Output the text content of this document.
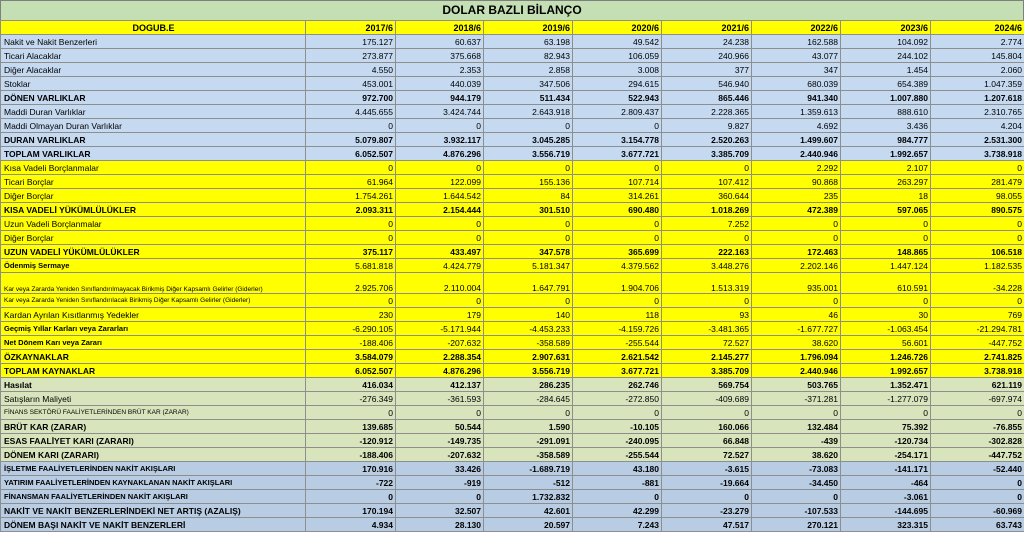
DOLAR BAZLI BİLANÇO
DOGUB.E	2017/6	2018/6	2019/6	2020/6	2021/6	2022/6	2023/6	2024/6
Nakit ve Nakit Benzerleri	175.127	60.637	63.198	49.542	24.238	162.588	104.092	2.774
Ticari Alacaklar	273.877	375.668	82.943	106.059	240.966	43.077	244.102	145.804
Diğer Alacaklar	4.550	2.353	2.858	3.008	377	347	1.454	2.060
Stoklar	453.001	440.039	347.506	294.615	546.940	680.039	654.389	1.047.359
DÖNEN VARLIKLAR	972.700	944.179	511.434	522.943	865.446	941.340	1.007.880	1.207.618
Maddi Duran Varlıklar	4.445.655	3.424.744	2.643.918	2.809.437	2.228.365	1.359.613	888.610	2.310.765
Maddi Olmayan Duran Varlıklar	0	0	0	0	9.827	4.692	3.436	4.204
DURAN VARLIKLAR	5.079.807	3.932.117	3.045.285	3.154.778	2.520.263	1.499.607	984.777	2.531.300
TOPLAM VARLIKLAR	6.052.507	4.876.296	3.556.719	3.677.721	3.385.709	2.440.946	1.992.657	3.738.918
Kısa Vadeli Borçlanmalar	0	0	0	0	0	2.292	2.107	0
Ticari Borçlar	61.964	122.099	155.136	107.714	107.412	90.868	263.297	281.479
Diğer Borçlar	1.754.261	1.644.542	84	314.261	360.644	235	18	98.055
KISA VADELİ YÜKÜMLÜLÜKLER	2.093.311	2.154.444	301.510	690.480	1.018.269	472.389	597.065	890.575
Uzun Vadeli Borçlanmalar	0	0	0	0	7.252	0	0	0
Diğer Borçlar	0	0	0	0	0	0	0	0
UZUN VADELİ YÜKÜMLÜLÜKLER	375.117	433.497	347.578	365.699	222.163	172.463	148.865	106.518
Ödenmiş Sermaye	5.681.818	4.424.779	5.181.347	4.379.562	3.448.276	2.202.146	1.447.124	1.182.535
Kar veya Zararda Yeniden Sınıflandırılmayacak Birikmiş Diğer Kapsamlı Gelirler (Giderler)	2.925.706	2.110.004	1.647.791	1.904.706	1.513.319	935.001	610.591	-34.228
Kar veya Zararda Yeniden Sınıflandırılacak Birikmiş Diğer Kapsamlı Gelirler (Giderler)	0	0	0	0	0	0	0	0
Kardan Ayrılan Kısıtlanmış Yedekler	230	179	140	118	93	46	30	769
Geçmiş Yıllar Karları veya Zararları	-6.290.105	-5.171.944	-4.453.233	-4.159.726	-3.481.365	-1.677.727	-1.063.454	-21.294.781
Net Dönem Karı veya Zararı	-188.406	-207.632	-358.589	-255.544	72.527	38.620	56.601	-447.752
ÖZKAYNAKLAR	3.584.079	2.288.354	2.907.631	2.621.542	2.145.277	1.796.094	1.246.726	2.741.825
TOPLAM KAYNAKLAR	6.052.507	4.876.296	3.556.719	3.677.721	3.385.709	2.440.946	1.992.657	3.738.918
Hasılat	416.034	412.137	286.235	262.746	569.754	503.765	1.352.471	621.119
Satışların Maliyeti	-276.349	-361.593	-284.645	-272.850	-409.689	-371.281	-1.277.079	-697.974
FİNANS SEKTÖRÜ FAALİYETLERİNDEN BRÜT KAR (ZARAR)	0	0	0	0	0	0	0	0
BRÜT KAR (ZARAR)	139.685	50.544	1.590	-10.105	160.066	132.484	75.392	-76.855
ESAS FAALİYET KARI (ZARARI)	-120.912	-149.735	-291.091	-240.095	66.848	-439	-120.734	-302.828
DÖNEM KARI (ZARARI)	-188.406	-207.632	-358.589	-255.544	72.527	38.620	-254.171	-447.752
İŞLETME FAALİYETLERİNDEN NAKİT AKIŞLARI	170.916	33.426	-1.689.719	43.180	-3.615	-73.083	-141.171	-52.440
YATIRIM FAALİYETLERİNDEN KAYNAKLANAN NAKİT AKIŞLARI	-722	-919	-512	-881	-19.664	-34.450	-464	0
FİNANSMAN FAALİYETLERİNDEN NAKİT AKIŞLARI	0	0	1.732.832	0	0	0	-3.061	0
NAKİT VE NAKİT BENZERLERİNDEKİ NET ARTIŞ (AZALIŞ)	170.194	32.507	42.601	42.299	-23.279	-107.533	-144.695	-60.969
DÖNEM BAŞI NAKİT VE NAKİT BENZERLERİ	4.934	28.130	20.597	7.243	47.517	270.121	323.315	63.743
